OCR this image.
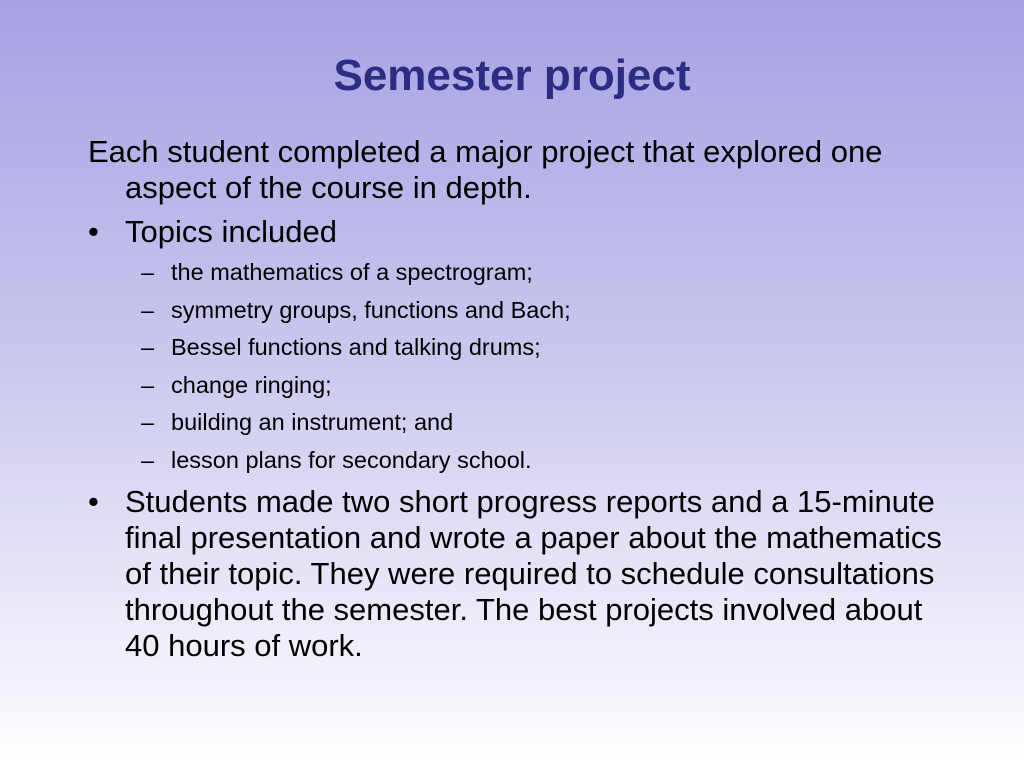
Semester project

Each student completed a major project that explored one aspect of the course in depth.

• Topics included
– the mathematics of a spectrogram;
– symmetry groups, functions and Bach;
– Bessel functions and talking drums;
– change ringing;
– building an instrument; and
– lesson plans for secondary school.
• Students made two short progress reports and a 15-minute final presentation and wrote a paper about the mathematics of their topic. They were required to schedule consultations throughout the semester. The best projects involved about 40 hours of work.
